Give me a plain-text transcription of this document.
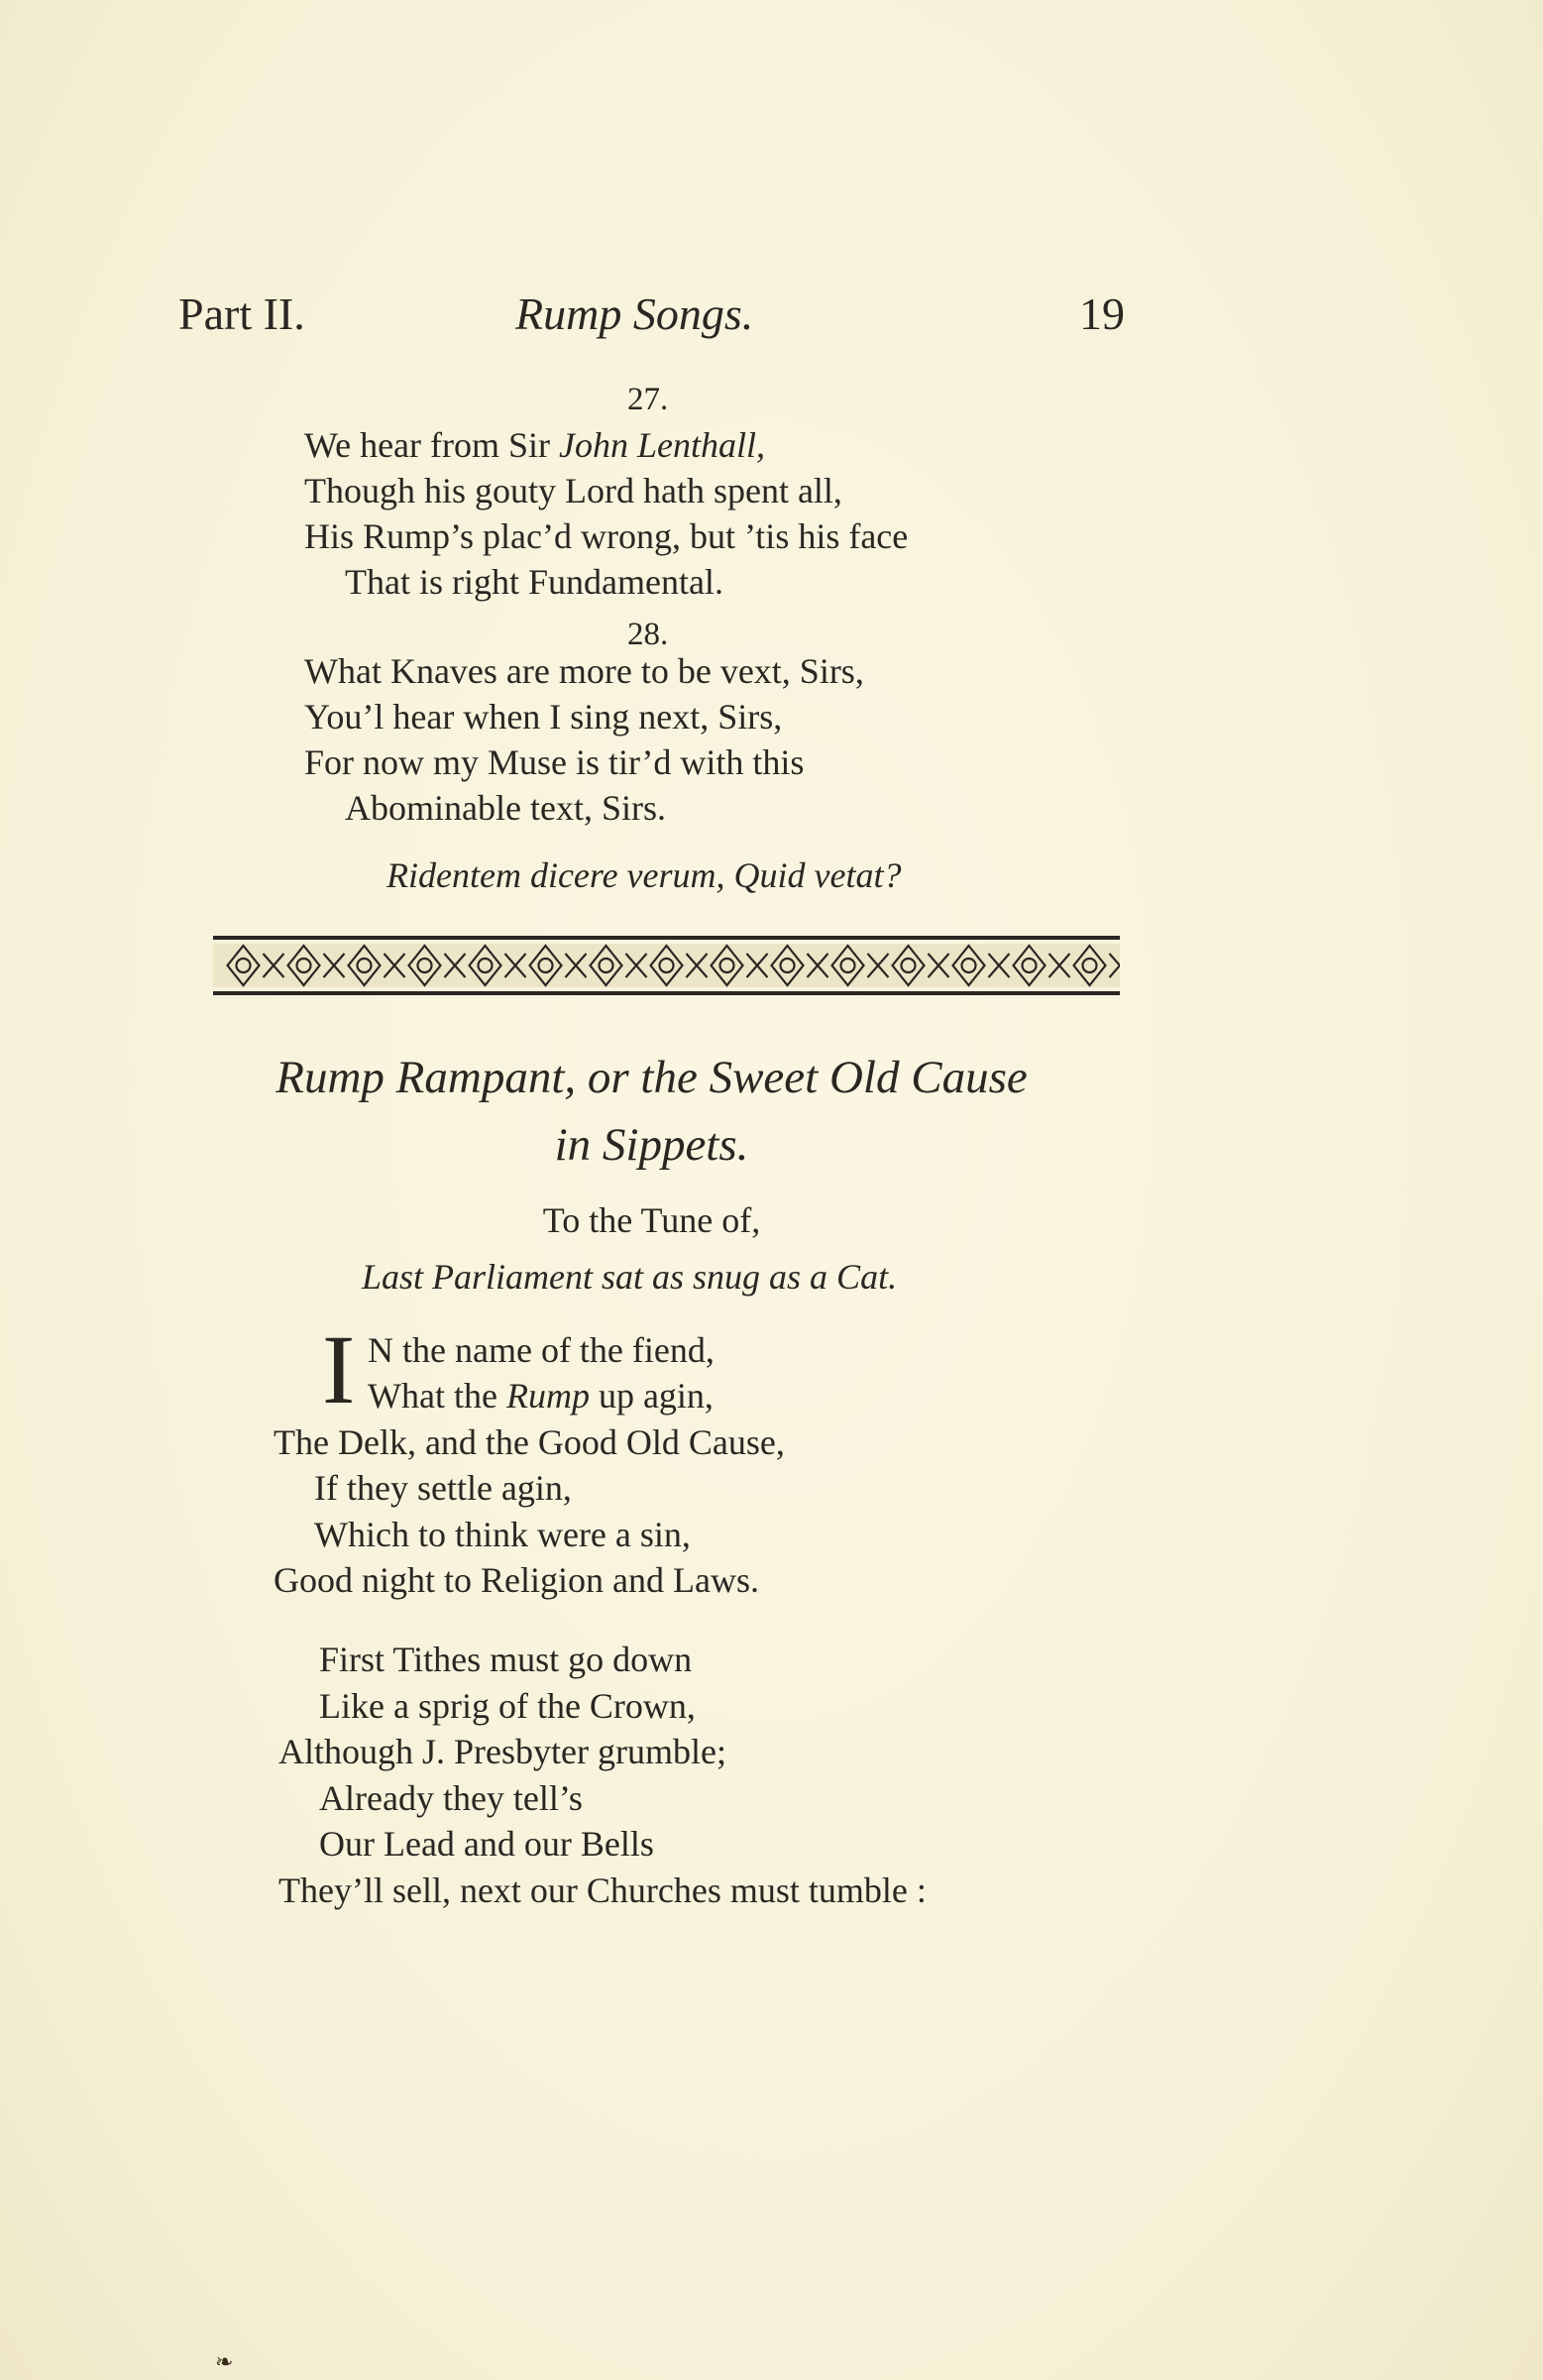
Part II.	Rump Songs.	19
27.
We hear from Sir John Lenthall,
Though his gouty Lord hath spent all,
His Rump’s plac’d wrong, but ’tis his face
That is right Fundamental.
28.
What Knaves are more to be vext, Sirs,
You’l hear when I sing next, Sirs,
For now my Muse is tir’d with this
Abominable text, Sirs.
Ridentem dicere verum, Quid vetat?
Rump Rampant, or the Sweet Old Cause
in Sippets.
To the Tune of,
Last Parliament sat as snug as a Cat.
I N the name of the fiend,
What the Rump up agin,
The Delk, and the Good Old Cause,
If they settle agin,
Which to think were a sin,
Good night to Religion and Laws.
First Tithes must go down
Like a sprig of the Crown,
Although J. Presbyter grumble;
Already they tell’s
Our Lead and our Bells
They’ll sell, next our Churches must tumble :
❧
